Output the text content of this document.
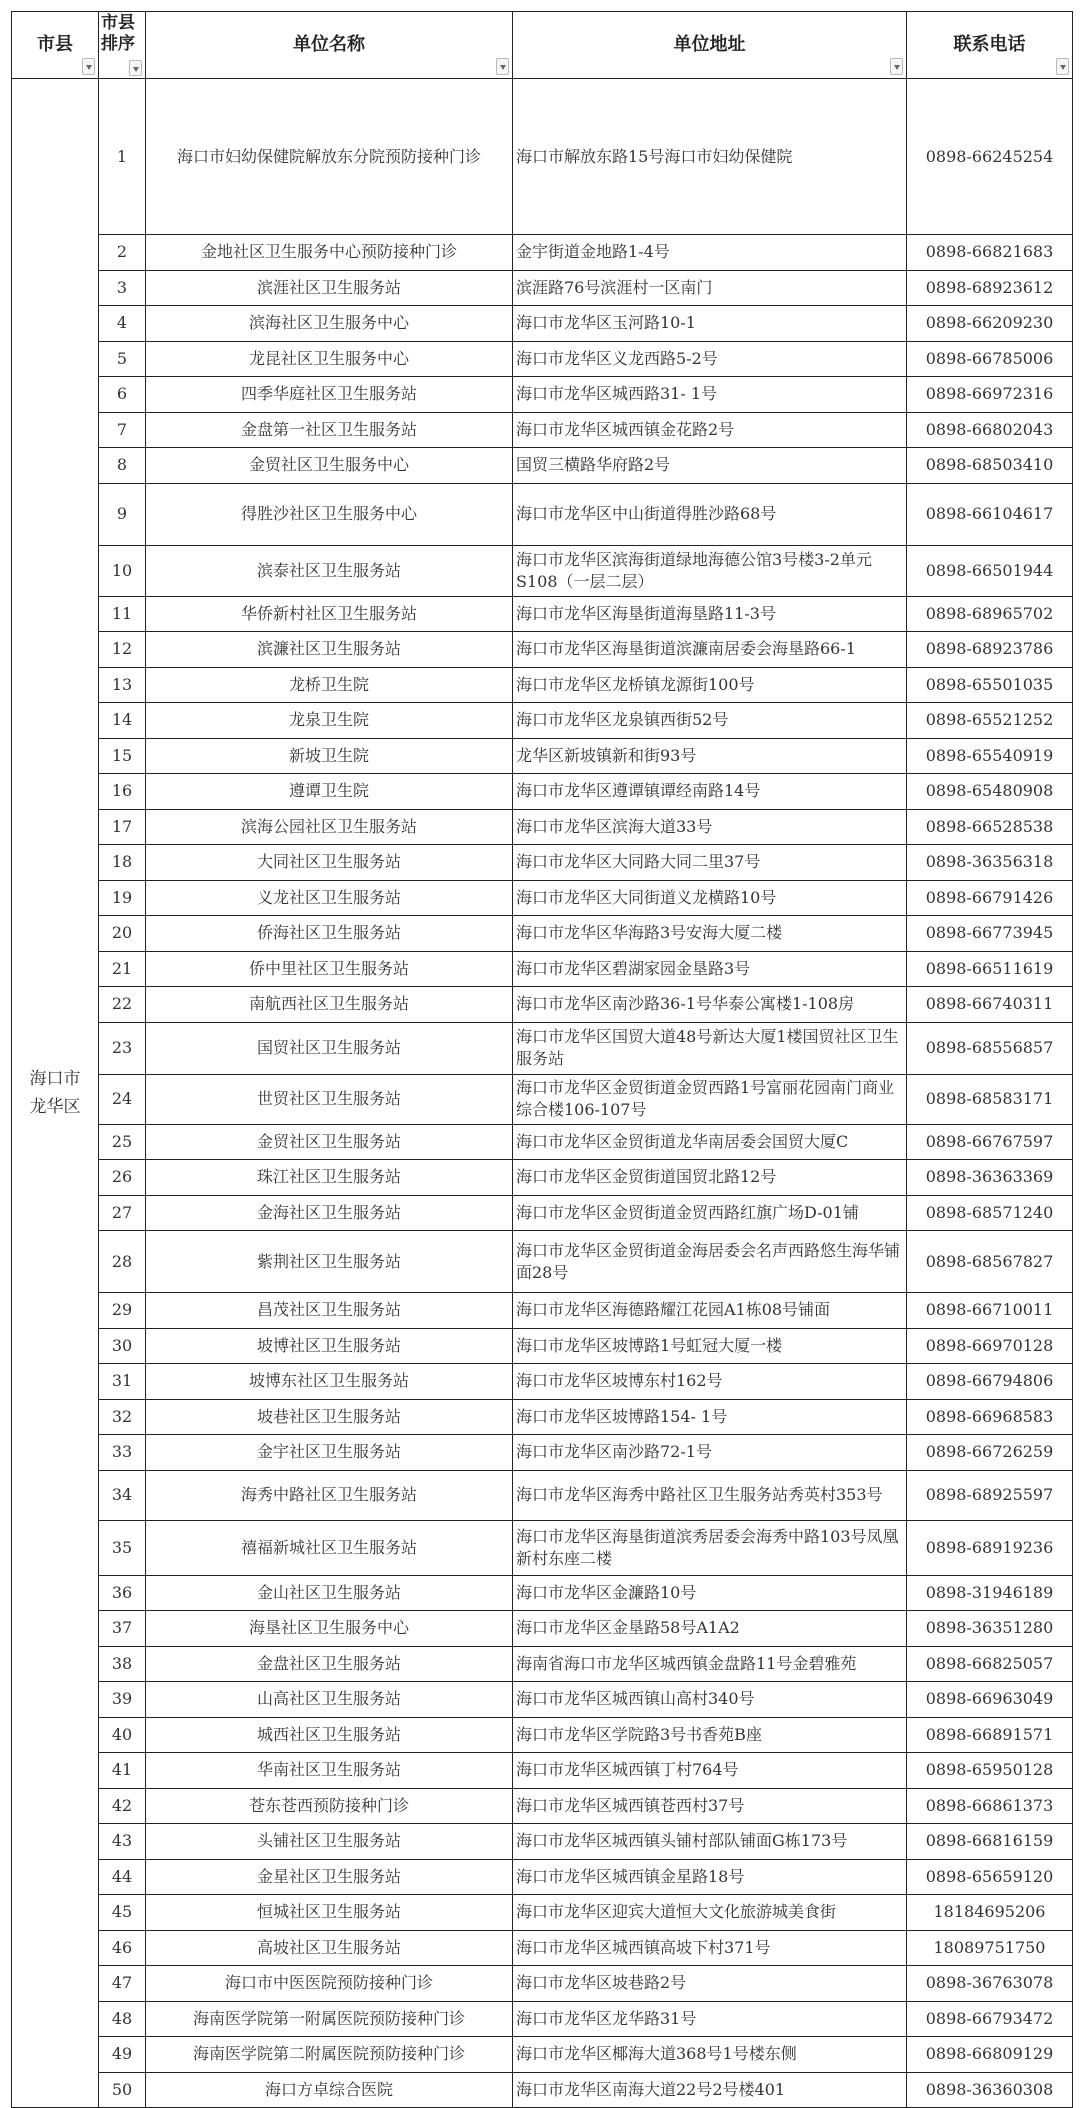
市县	市县排序	单位名称	单位地址	联系电话

海口市龙华区	1	海口市妇幼保健院解放东分院预防接种门诊	海口市解放东路15号海口市妇幼保健院	0898-66245254
	2	金地社区卫生服务中心预防接种门诊	金宇街道金地路1-4号	0898-66821683
	3	滨涯社区卫生服务站	滨涯路76号滨涯村一区南门	0898-68923612
	4	滨海社区卫生服务中心	海口市龙华区玉河路10-1	0898-66209230
	5	龙昆社区卫生服务中心	海口市龙华区义龙西路5-2号	0898-66785006
	6	四季华庭社区卫生服务站	海口市龙华区城西路31- 1号	0898-66972316
	7	金盘第一社区卫生服务站	海口市龙华区城西镇金花路2号	0898-66802043
	8	金贸社区卫生服务中心	国贸三横路华府路2号	0898-68503410
	9	得胜沙社区卫生服务中心	海口市龙华区中山街道得胜沙路68号	0898-66104617
	10	滨泰社区卫生服务站	海口市龙华区滨海街道绿地海德公馆3号楼3-2单元S108（一层二层）	0898-66501944
	11	华侨新村社区卫生服务站	海口市龙华区海垦街道海垦路11-3号	0898-68965702
	12	滨濂社区卫生服务站	海口市龙华区海垦街道滨濂南居委会海垦路66-1	0898-68923786
	13	龙桥卫生院	海口市龙华区龙桥镇龙源街100号	0898-65501035
	14	龙泉卫生院	海口市龙华区龙泉镇西街52号	0898-65521252
	15	新坡卫生院	龙华区新坡镇新和街93号	0898-65540919
	16	遵谭卫生院	海口市龙华区遵谭镇谭经南路14号	0898-65480908
	17	滨海公园社区卫生服务站	海口市龙华区滨海大道33号	0898-66528538
	18	大同社区卫生服务站	海口市龙华区大同路大同二里37号	0898-36356318
	19	义龙社区卫生服务站	海口市龙华区大同街道义龙横路10号	0898-66791426
	20	侨海社区卫生服务站	海口市龙华区华海路3号安海大厦二楼	0898-66773945
	21	侨中里社区卫生服务站	海口市龙华区碧湖家园金垦路3号	0898-66511619
	22	南航西社区卫生服务站	海口市龙华区南沙路36-1号华泰公寓楼1-108房	0898-66740311
	23	国贸社区卫生服务站	海口市龙华区国贸大道48号新达大厦1楼国贸社区卫生服务站	0898-68556857
	24	世贸社区卫生服务站	海口市龙华区金贸街道金贸西路1号富丽花园南门商业综合楼106-107号	0898-68583171
	25	金贸社区卫生服务站	海口市龙华区金贸街道龙华南居委会国贸大厦C	0898-66767597
	26	珠江社区卫生服务站	海口市龙华区金贸街道国贸北路12号	0898-36363369
	27	金海社区卫生服务站	海口市龙华区金贸街道金贸西路红旗广场D-01铺	0898-68571240
	28	紫荆社区卫生服务站	海口市龙华区金贸街道金海居委会名声西路悠生海华铺面28号	0898-68567827
	29	昌茂社区卫生服务站	海口市龙华区海德路耀江花园A1栋08号铺面	0898-66710011
	30	坡博社区卫生服务站	海口市龙华区坡博路1号虹冠大厦一楼	0898-66970128
	31	坡博东社区卫生服务站	海口市龙华区坡博东村162号	0898-66794806
	32	坡巷社区卫生服务站	海口市龙华区坡博路154- 1号	0898-66968583
	33	金宇社区卫生服务站	海口市龙华区南沙路72-1号	0898-66726259
	34	海秀中路社区卫生服务站	海口市龙华区海秀中路社区卫生服务站秀英村353号	0898-68925597
	35	禧福新城社区卫生服务站	海口市龙华区海垦街道滨秀居委会海秀中路103号凤凰新村东座二楼	0898-68919236
	36	金山社区卫生服务站	海口市龙华区金濂路10号	0898-31946189
	37	海垦社区卫生服务中心	海口市龙华区金垦路58号A1A2	0898-36351280
	38	金盘社区卫生服务站	海南省海口市龙华区城西镇金盘路11号金碧雅苑	0898-66825057
	39	山高社区卫生服务站	海口市龙华区城西镇山高村340号	0898-66963049
	40	城西社区卫生服务站	海口市龙华区学院路3号书香苑B座	0898-66891571
	41	华南社区卫生服务站	海口市龙华区城西镇丁村764号	0898-65950128
	42	苍东苍西预防接种门诊	海口市龙华区城西镇苍西村37号	0898-66861373
	43	头铺社区卫生服务站	海口市龙华区城西镇头铺村部队铺面G栋173号	0898-66816159
	44	金星社区卫生服务站	海口市龙华区城西镇金星路18号	0898-65659120
	45	恒城社区卫生服务站	海口市龙华区迎宾大道恒大文化旅游城美食街	18184695206
	46	高坡社区卫生服务站	海口市龙华区城西镇高坡下村371号	18089751750
	47	海口市中医医院预防接种门诊	海口市龙华区坡巷路2号	0898-36763078
	48	海南医学院第一附属医院预防接种门诊	海口市龙华区龙华路31号	0898-66793472
	49	海南医学院第二附属医院预防接种门诊	海口市龙华区椰海大道368号1号楼东侧	0898-66809129
	50	海口方卓综合医院	海口市龙华区南海大道22号2号楼401	0898-36360308
